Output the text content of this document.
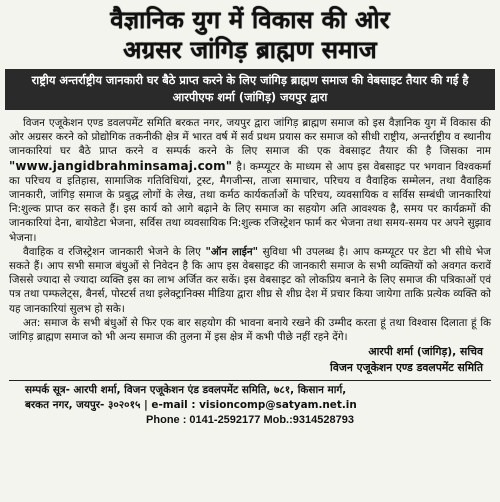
वैज्ञानिक युग में विकास की ओर
अग्रसर जांगिड़ ब्राह्मण समाज
राष्ट्रीय अन्तर्राष्ट्रीय जानकारी घर बैठे प्राप्त करने के लिए जांगिड़ ब्राह्मण समाज की वेबसाइट तैयार की गई है आरपीएफ शर्मा (जांगिड़) जयपुर द्वारा

विजन एजूकेशन एण्ड डवलपमेंट समिति बरकत नगर, जयपुर द्वारा जांगिड़ ब्राह्मण समाज को इस वैज्ञानिक युग में विकास की ओर अग्रसर करने को प्रोद्योगिक तकनीकी क्षेत्र में भारत वर्ष में सर्व प्रथम प्रयास कर समाज को सीधी राष्ट्रीय, अन्तर्राष्ट्रीय व स्थानीय जानकारियां घर बैठे प्राप्त करने व सम्पर्क करने के लिए समाज की एक वेबसाइट तैयार की है जिसका नाम "www.jangidbrahminsamaj.com" है। कम्प्यूटर के माध्यम से आप इस वेबसाइट पर भगवान विश्वकर्मा का परिचय व इतिहास, सामाजिक गतिविधियां, ट्रस्ट, मैगजीन्स, ताजा समाचार, परिचय व वैवाहिक सम्मेलन, तथा वैवाहिक जानकारी, जांगिड़ समाज के प्रबुद्ध लोगों के लेख, तथा कर्मठ कार्यकर्ताओं के परिचय, व्यवसायिक व सर्विस सम्बंधी जानकारियां नि:शुल्क प्राप्त कर सकते हैं। इस कार्य को आगे बढ़ाने के लिए समाज का सहयोग अति आवश्यक है, समय पर कार्यक्रमों की जानकारियां देना, बायोडेटा भेजना, सर्विस तथा व्यवसायिक नि:शुल्क रजिस्ट्रेशन फार्म कर भेजना तथा समय-समय पर अपने सुझाव भेजना।

वैवाहिक व रजिस्ट्रेशन जानकारी भेजने के लिए "ऑन लाईन" सुविधा भी उपलब्ध है। आप कम्प्यूटर पर डेटा भी सीधे भेज सकते हैं। आप सभी समाज बंधुओं से निवेदन है कि आप इस वेबसाइट की जानकारी समाज के सभी व्यक्तियों को अवगत करावें जिससे ज्यादा से ज्यादा व्यक्ति इस का लाभ अर्जित कर सकें। इस वेबसाइट को लोकप्रिय बनाने के लिए समाज की पत्रिकाओं एवं पत्र तथा पम्फलेट्स, बैनर्स, पोस्टर्स तथा इलेक्ट्रानिक्स मीडिया द्वारा शीघ्र से शीघ्र देश में प्रचार किया जायेगा ताकि प्रत्येक व्यक्ति को यह जानकारियां सुलभ हो सके।

अत: समाज के सभी बंधुओं से फिर एक बार सहयोग की भावना बनाये रखने की उम्मीद करता हूं तथा विश्वास दिलाता हूं कि जांगिड़ ब्राह्मण समाज को भी अन्य समाज की तुलना में इस क्षेत्र में कभी पीछे नहीं रहने देंगे।

आरपी शर्मा (जांगिड़), सचिव
विजन एजूकेशन एण्ड डवलपमेंट समिति
सम्पर्क सूत्र- आरपी शर्मा, विजन एजूकेशन एंड डवलपमेंट समिति, ७८१, किसान मार्ग,
बरकत नगर, जयपुर- ३०२०१५ | e-mail : visioncomp@satyam.net.in
Phone : 0141-2592177 Mob.:9314528793
